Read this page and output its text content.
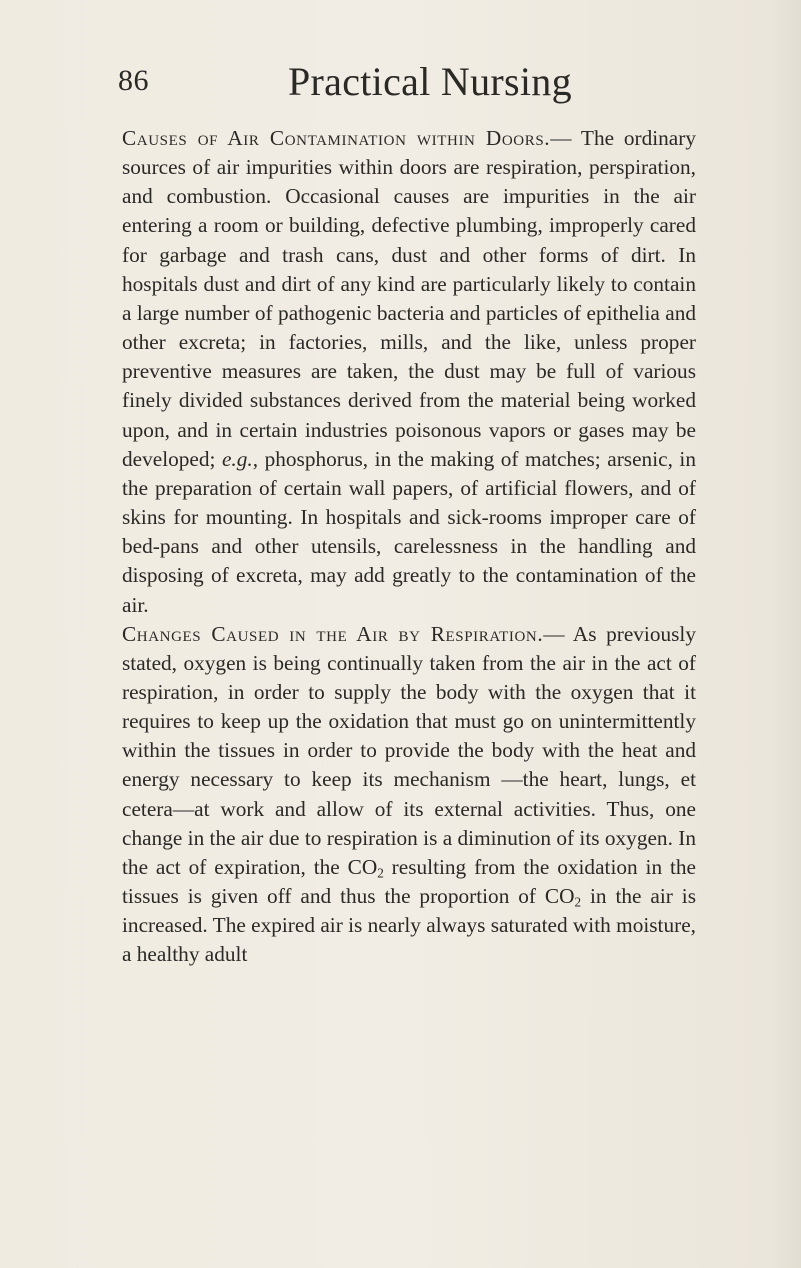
86	Practical Nursing

Causes of Air Contamination within Doors.— The ordinary sources of air impurities within doors are respiration, perspiration, and combustion. Occasional causes are impurities in the air entering a room or building, defective plumbing, improperly cared for garbage and trash cans, dust and other forms of dirt. In hospitals dust and dirt of any kind are particularly likely to contain a large number of pathogenic bacteria and particles of epithelia and other excreta; in factories, mills, and the like, unless proper preventive measures are taken, the dust may be full of various finely divided substances derived from the material being worked upon, and in certain industries poisonous vapors or gases may be developed; e.g., phosphorus, in the making of matches; arsenic, in the preparation of certain wall papers, of artificial flowers, and of skins for mounting. In hospitals and sick-rooms improper care of bed-pans and other utensils, carelessness in the handling and disposing of excreta, may add greatly to the contamination of the air.

Changes Caused in the Air by Respiration.— As previously stated, oxygen is being continually taken from the air in the act of respiration, in order to supply the body with the oxygen that it requires to keep up the oxidation that must go on unintermittently within the tissues in order to provide the body with the heat and energy necessary to keep its mechanism —the heart, lungs, et cetera—at work and allow of its external activities. Thus, one change in the air due to respiration is a diminution of its oxygen. In the act of expiration, the $CO_2$ resulting from the oxidation in the tissues is given off and thus the proportion of $CO_2$ in the air is increased. The expired air is nearly always saturated with moisture, a healthy adult
